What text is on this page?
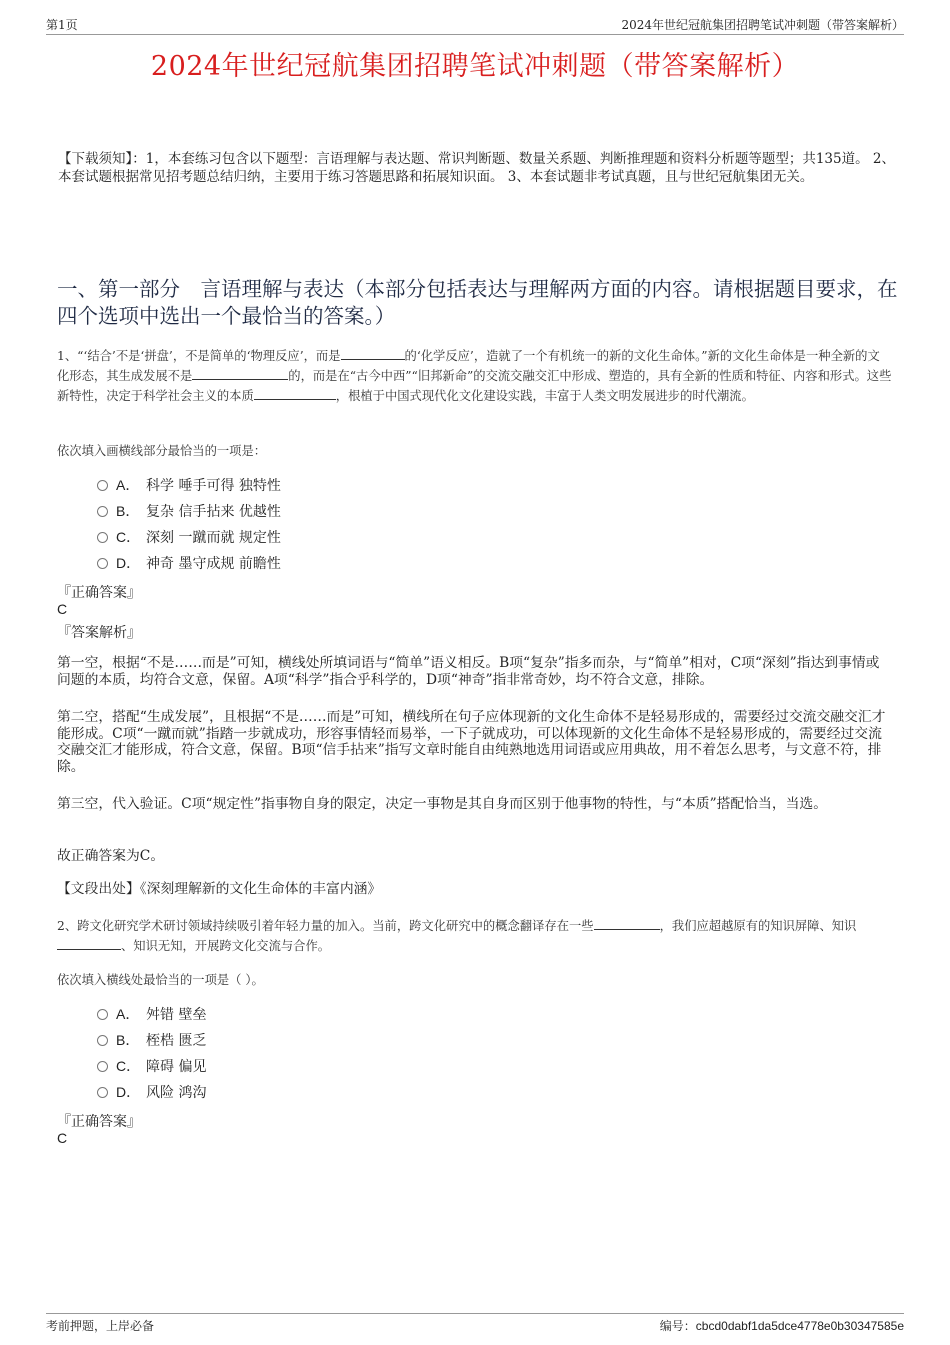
第1页	2024年世纪冠航集团招聘笔试冲刺题（带答案解析）
2024年世纪冠航集团招聘笔试冲刺题（带答案解析）
【下载须知】：1，本套练习包含以下题型：言语理解与表达题、常识判断题、数量关系题、判断推理题和资料分析题等题型；共135道。 2、本套试题根据常见招考题总结归纳，主要用于练习答题思路和拓展知识面。 3、本套试题非考试真题，且与世纪冠航集团无关。
一、第一部分　言语理解与表达（本部分包括表达与理解两方面的内容。请根据题目要求，在四个选项中选出一个最恰当的答案。）
1、“‘结合’不是‘拼盘’，不是简单的‘物理反应’，而是	的‘化学反应’，造就了一个有机统一的新的文化生命体。”新的文化生命体是一种全新的文化形态，其生成发展不是	的，而是在“古今中西”“旧邦新命”的交流交融交汇中形成、塑造的，具有全新的性质和特征、内容和形式。这些新特性，决定于科学社会主义的本质	，根植于中国式现代化文化建设实践，丰富于人类文明发展进步的时代潮流。
依次填入画横线部分最恰当的一项是：
A． 科学 唾手可得 独特性
B． 复杂 信手拈来 优越性
C． 深刻 一蹴而就 规定性
D． 神奇 墨守成规 前瞻性
『正确答案』
C
『答案解析』
第一空，根据“不是……而是”可知，横线处所填词语与“简单”语义相反。B项“复杂”指多而杂，与“简单”相对，C项“深刻”指达到事情或问题的本质，均符合文意，保留。A项“科学”指合乎科学的，D项“神奇”指非常奇妙，均不符合文意，排除。
第二空，搭配“生成发展”，且根据“不是……而是”可知，横线所在句子应体现新的文化生命体不是轻易形成的，需要经过交流交融交汇才能形成。C项“一蹴而就”指踏一步就成功，形容事情轻而易举，一下子就成功，可以体现新的文化生命体不是轻易形成的，需要经过交流交融交汇才能形成，符合文意，保留。B项“信手拈来”指写文章时能自由纯熟地选用词语或应用典故，用不着怎么思考，与文意不符，排除。
第三空，代入验证。C项“规定性”指事物自身的限定，决定一事物是其自身而区别于他事物的特性，与“本质”搭配恰当，当选。
故正确答案为C。
【文段出处】《深刻理解新的文化生命体的丰富内涵》
2、跨文化研究学术研讨领域持续吸引着年轻力量的加入。当前，跨文化研究中的概念翻译存在一些	，我们应超越原有的知识屏障、知识、知识无知，开展跨文化交流与合作。
依次填入横线处最恰当的一项是（ ）。
A． 舛错 壁垒
B． 桎梏 匮乏
C． 障碍 偏见
D． 风险 鸿沟
『正确答案』
C
考前押题，上岸必备	编号：cbcd0dabf1da5dce4778e0b30347585e
